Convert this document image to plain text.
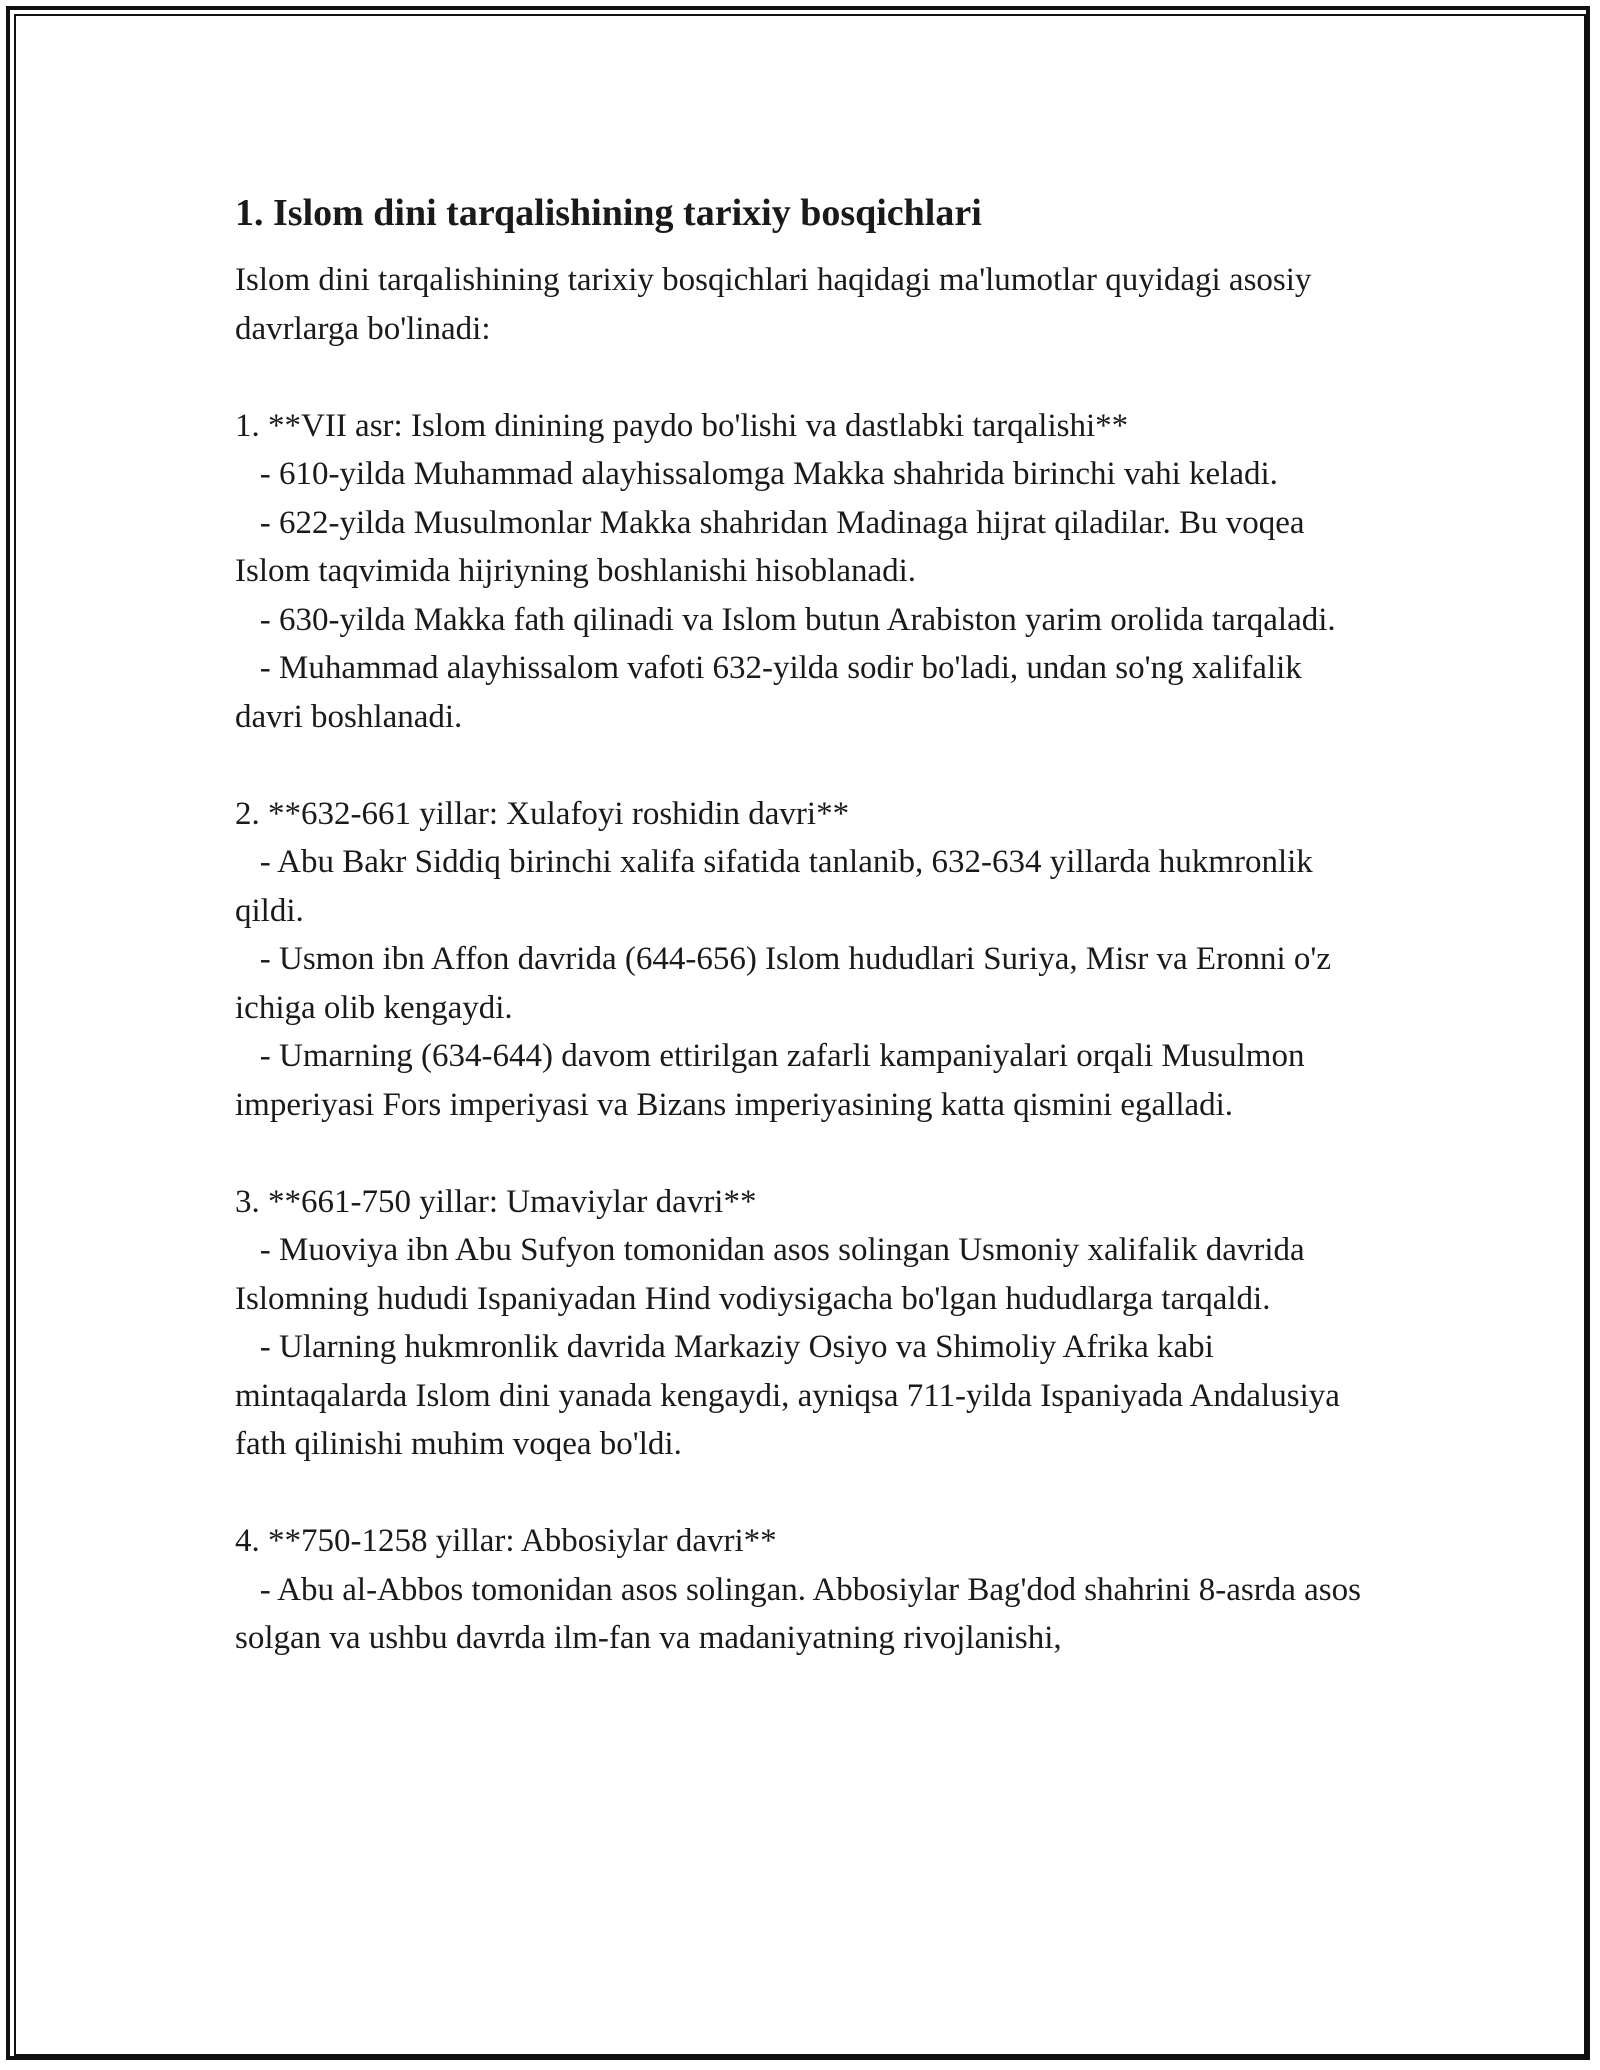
1. Islom dini tarqalishining tarixiy bosqichlari

Islom dini tarqalishining tarixiy bosqichlari haqidagi ma'lumotlar quyidagi asosiy davrlarga bo'linadi:

1. **VII asr: Islom dinining paydo bo'lishi va dastlabki tarqalishi**
- 610-yilda Muhammad alayhissalomga Makka shahrida birinchi vahi keladi.
- 622-yilda Musulmonlar Makka shahridan Madinaga hijrat qiladilar. Bu voqea Islom taqvimida hijriyning boshlanishi hisoblanadi.
- 630-yilda Makka fath qilinadi va Islom butun Arabiston yarim orolida tarqaladi.
- Muhammad alayhissalom vafoti 632-yilda sodir bo'ladi, undan so'ng xalifalik davri boshlanadi.

2. **632-661 yillar: Xulafoyi roshidin davri**
- Abu Bakr Siddiq birinchi xalifa sifatida tanlanib, 632-634 yillarda hukmronlik qildi.
- Usmon ibn Affon davrida (644-656) Islom hududlari Suriya, Misr va Eronni o'z ichiga olib kengaydi.
- Umarning (634-644) davom ettirilgan zafarli kampaniyalari orqali Musulmon imperiyasi Fors imperiyasi va Bizans imperiyasining katta qismini egalladi.

3. **661-750 yillar: Umaviylar davri**
- Muoviya ibn Abu Sufyon tomonidan asos solingan Usmoniy xalifalik davrida Islomning hududi Ispaniyadan Hind vodiysigacha bo'lgan hududlarga tarqaldi.
- Ularning hukmronlik davrida Markaziy Osiyo va Shimoliy Afrika kabi mintaqalarda Islom dini yanada kengaydi, ayniqsa 711-yilda Ispaniyada Andalusiya fath qilinishi muhim voqea bo'ldi.

4. **750-1258 yillar: Abbosiylar davri**
- Abu al-Abbos tomonidan asos solingan. Abbosiylar Bag'dod shahrini 8-asrda asos solgan va ushbu davrda ilm-fan va madaniyatning rivojlanishi,
